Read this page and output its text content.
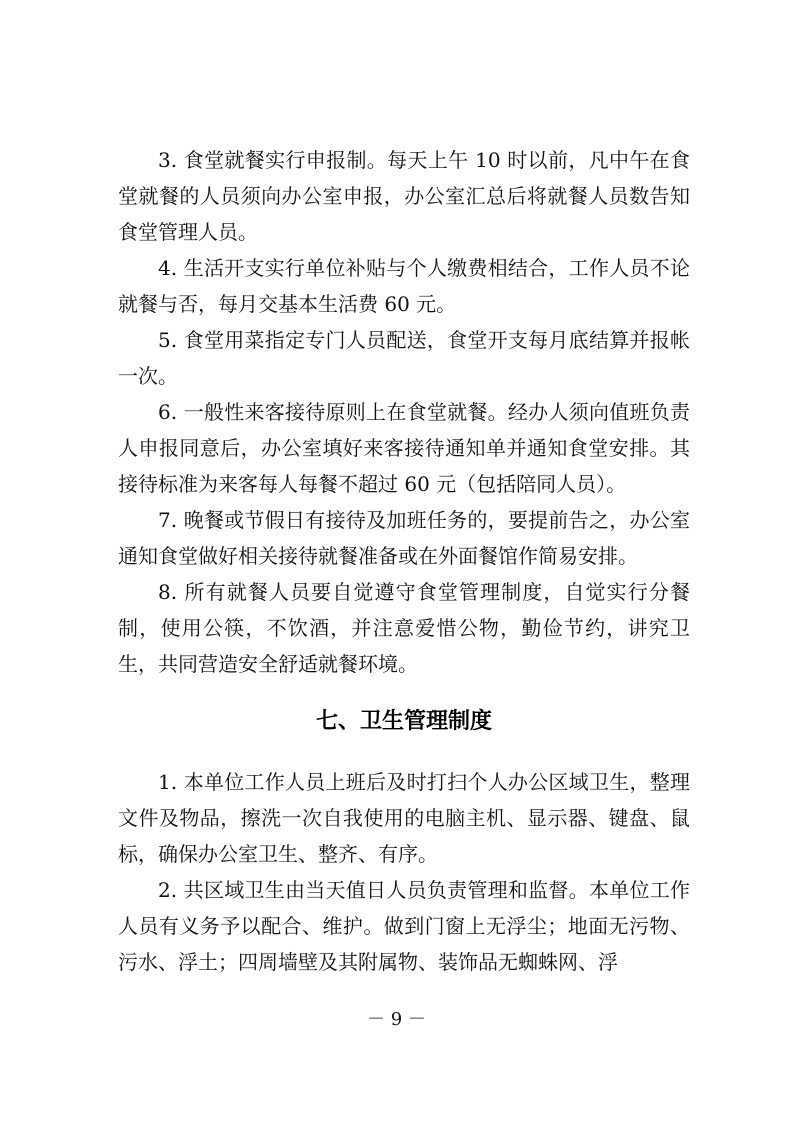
3. 食堂就餐实行申报制。每天上午 10 时以前，凡中午在食堂就餐的人员须向办公室申报，办公室汇总后将就餐人员数告知食堂管理人员。

4. 生活开支实行单位补贴与个人缴费相结合，工作人员不论就餐与否，每月交基本生活费 60 元。

5. 食堂用菜指定专门人员配送，食堂开支每月底结算并报帐一次。

6. 一般性来客接待原则上在食堂就餐。经办人须向值班负责人申报同意后，办公室填好来客接待通知单并通知食堂安排。其接待标准为来客每人每餐不超过 60 元（包括陪同人员）。

7. 晚餐或节假日有接待及加班任务的，要提前告之，办公室通知食堂做好相关接待就餐准备或在外面餐馆作简易安排。

8. 所有就餐人员要自觉遵守食堂管理制度，自觉实行分餐制，使用公筷，不饮酒，并注意爱惜公物，勤俭节约，讲究卫生，共同营造安全舒适就餐环境。

七、卫生管理制度

1. 本单位工作人员上班后及时打扫个人办公区域卫生，整理文件及物品，擦洗一次自我使用的电脑主机、显示器、键盘、鼠标，确保办公室卫生、整齐、有序。

2. 共区域卫生由当天值日人员负责管理和监督。本单位工作人员有义务予以配合、维护。做到门窗上无浮尘；地面无污物、污水、浮土；四周墙壁及其附属物、装饰品无蜘蛛网、浮

－ 9 －
